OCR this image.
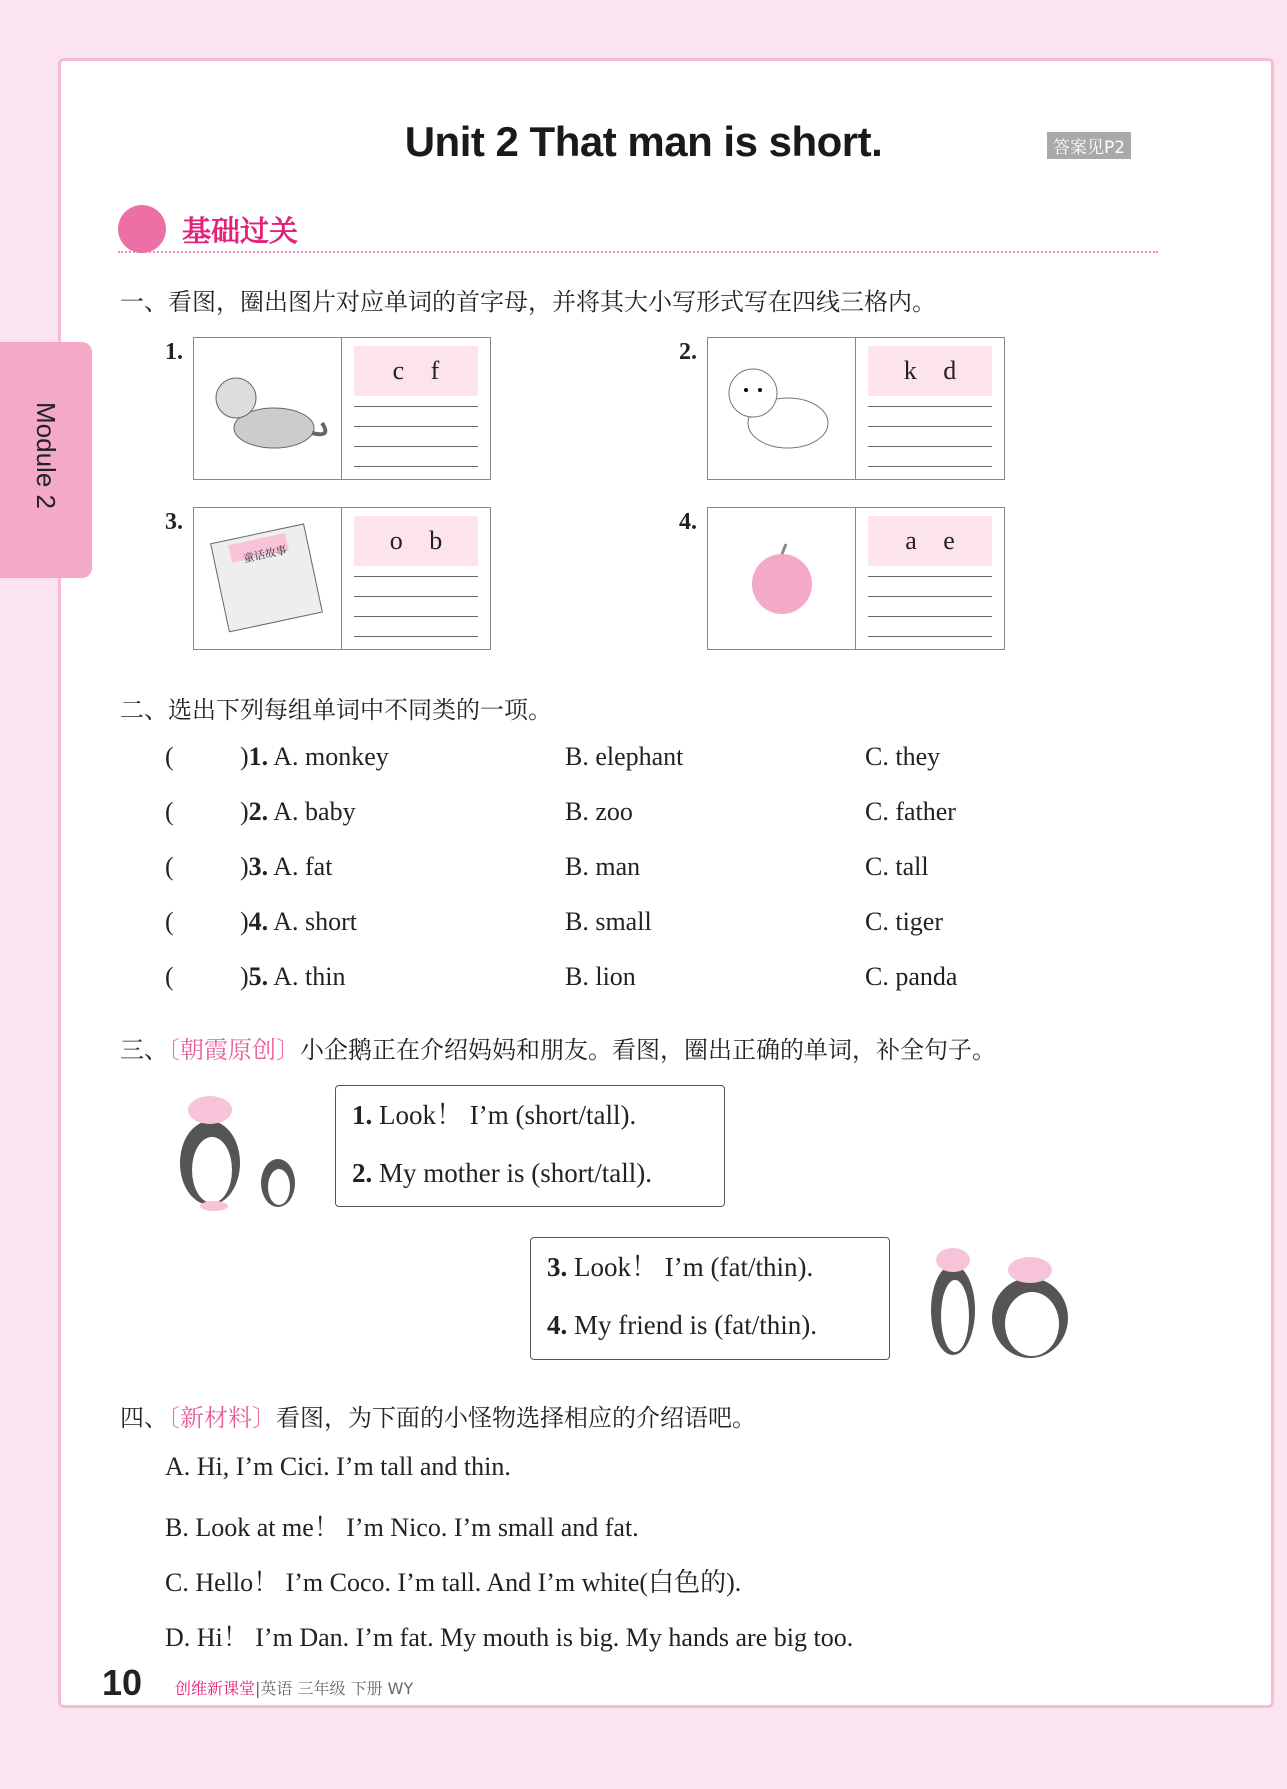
Module 2
Unit 2 That man is short.	答案见P2
基础过关
一、看图，圈出图片对应单词的首字母，并将其大小写形式写在四线三格内。
1.
c f
2.
k d
3.
童话故事	o b
4.
a e
二、选出下列每组单词中不同类的一项。
(	)1. A. monkey	B. elephant	C. they
(	)2. A. baby	B. zoo	C. father
(	)3. A. fat	B. man	C. tall
(	)4. A. short	B. small	C. tiger
(	)5. A. thin	B. lion	C. panda
三、〔朝霞原创〕小企鹅正在介绍妈妈和朋友。看图，圈出正确的单词，补全句子。
1. Look！ I’m (short/tall).
2. My mother is (short/tall).
3. Look！ I’m (fat/thin).
4. My friend is (fat/thin).
四、〔新材料〕看图，为下面的小怪物选择相应的介绍语吧。
A. Hi, I’m Cici. I’m tall and thin.
B. Look at me！ I’m Nico. I’m small and fat.
C. Hello！ I’m Coco. I’m tall. And I’m white(白色的).
D. Hi！ I’m Dan. I’m fat. My mouth is big. My hands are big too.
10 创维新课堂|英语 三年级 下册 WY
